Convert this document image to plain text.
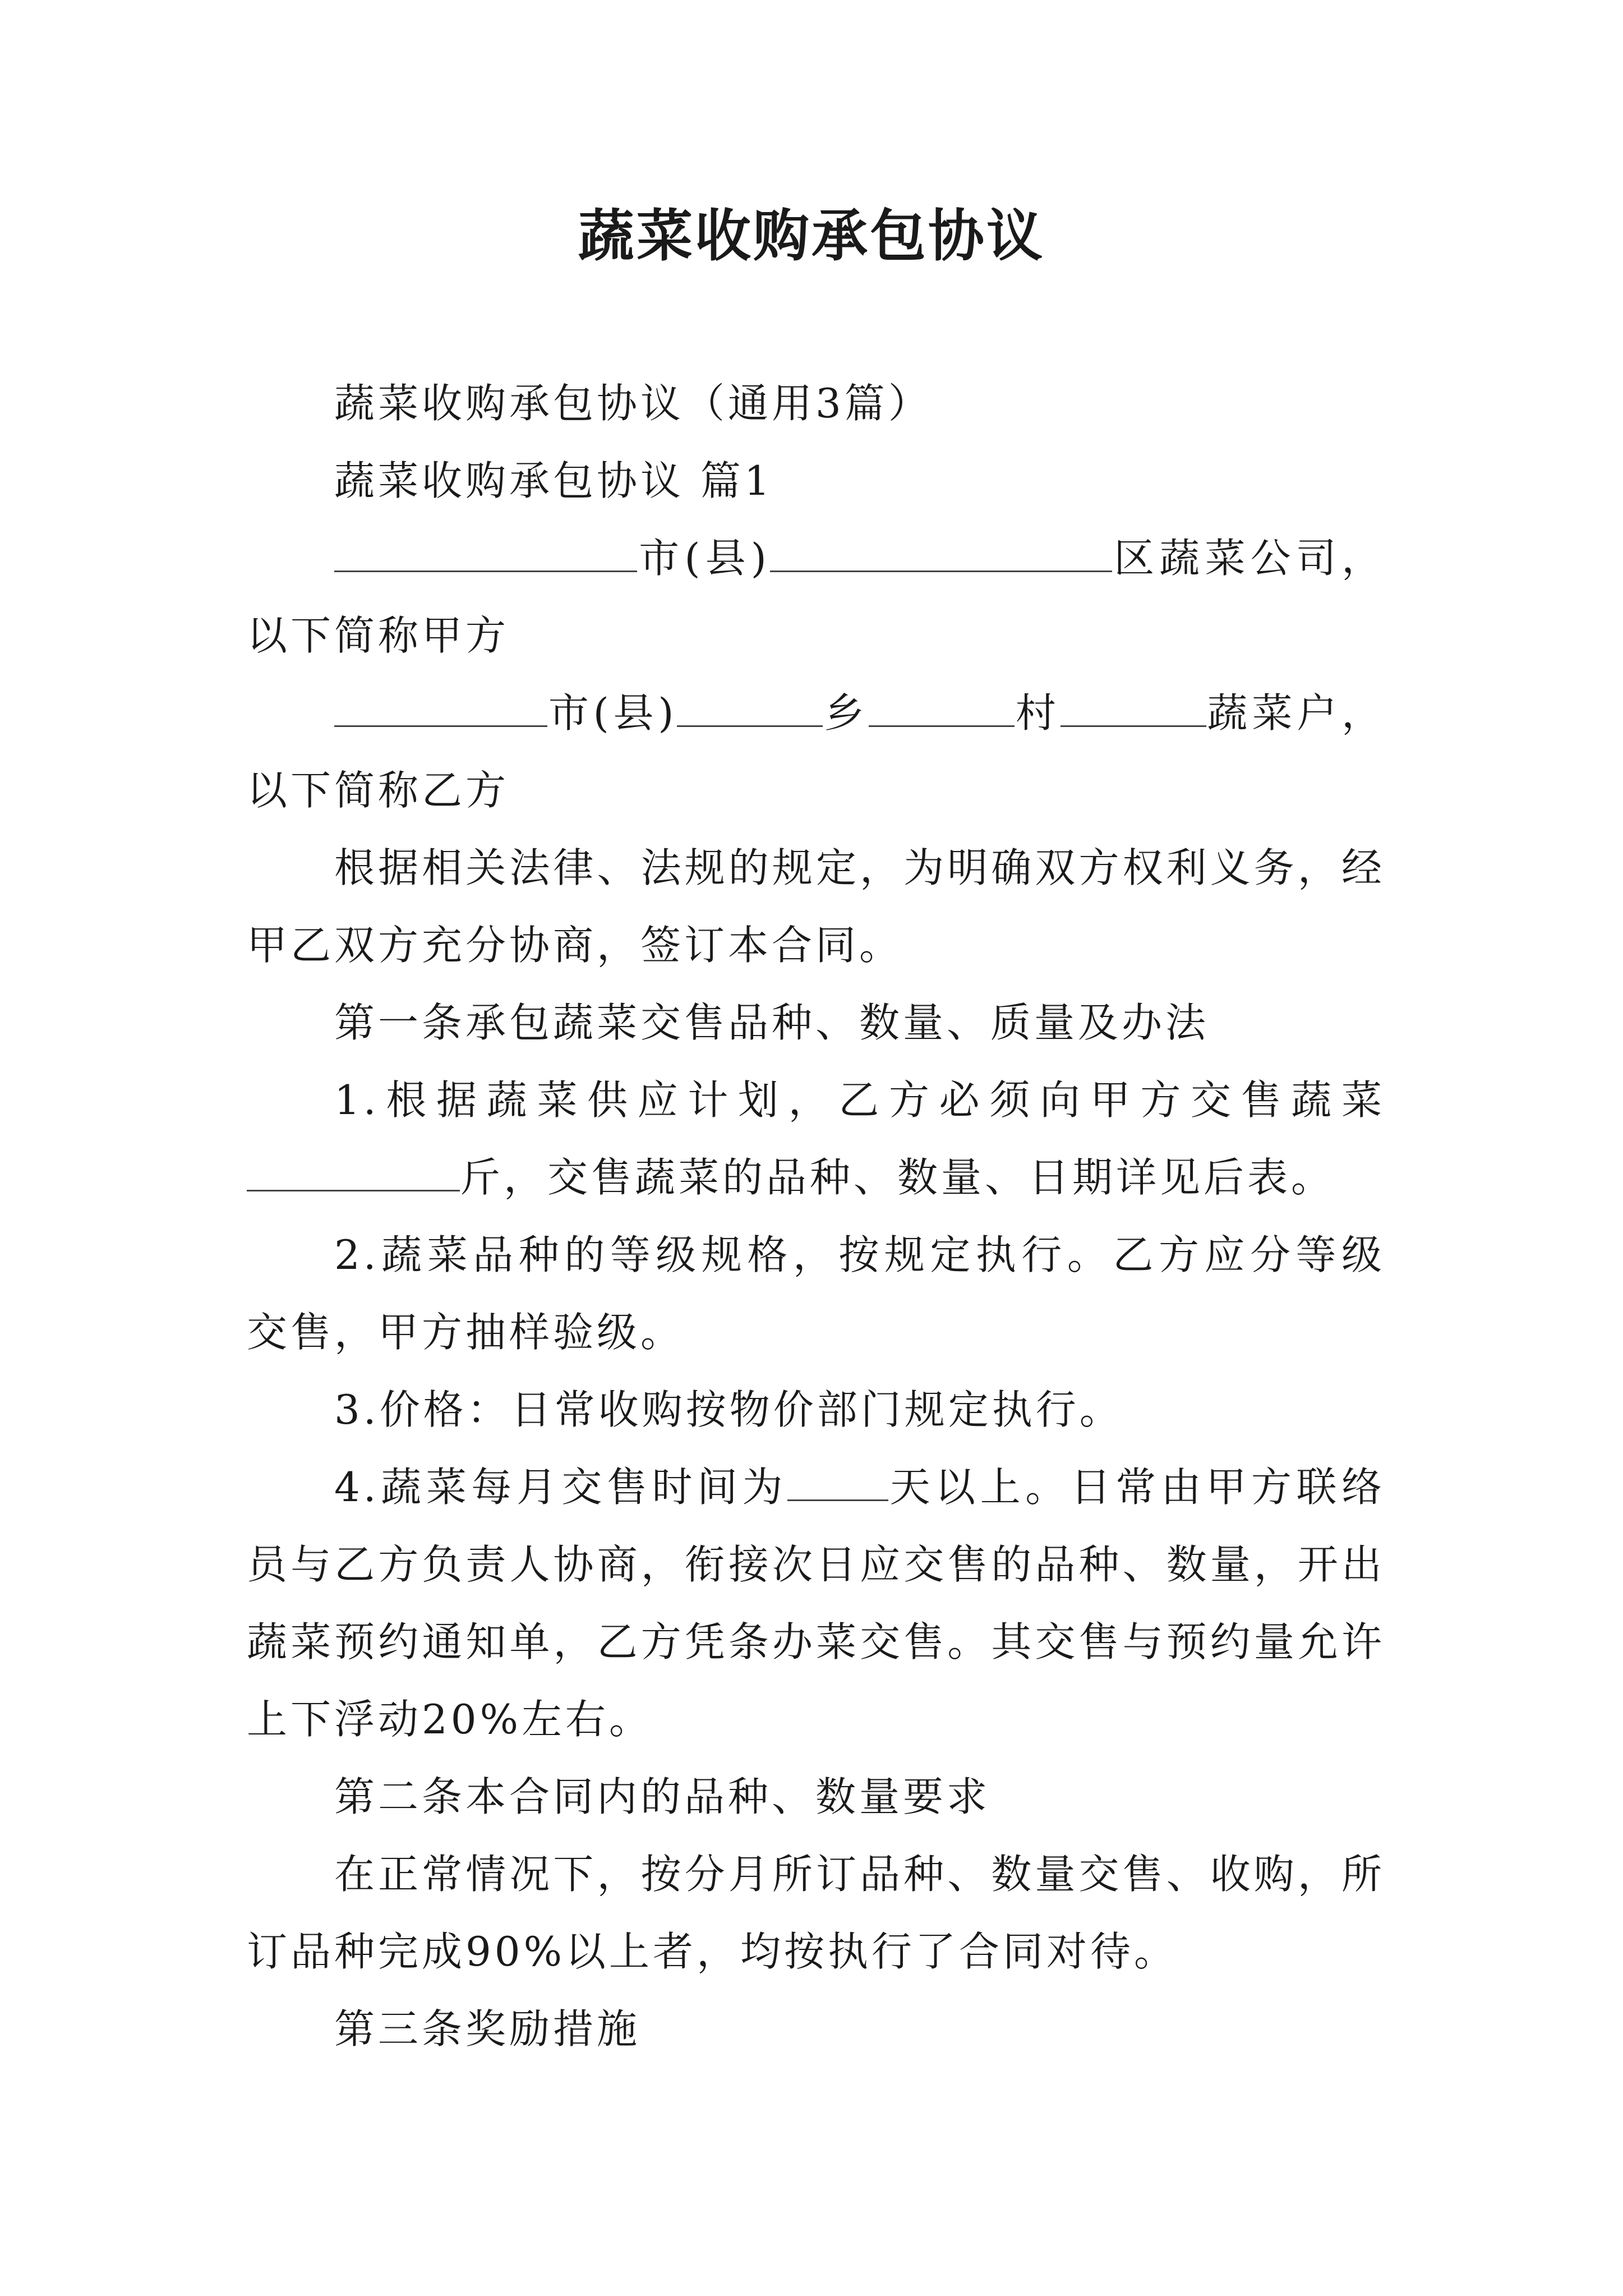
蔬菜收购承包协议

蔬菜收购承包协议（通用3篇）

蔬菜收购承包协议 篇1

市(县)	区蔬菜公司，以下简称甲方

市(县)	乡	村	蔬菜户，以下简称乙方

根据相关法律、法规的规定，为明确双方权利义务，经甲乙双方充分协商，签订本合同。

第一条承包蔬菜交售品种、数量、质量及办法

1.根据蔬菜供应计划，乙方必须向甲方交售蔬菜斤，交售蔬菜的品种、数量、日期详见后表。

2.蔬菜品种的等级规格，按规定执行。乙方应分等级交售，甲方抽样验级。

3.价格：日常收购按物价部门规定执行。

4.蔬菜每月交售时间为	天以上。日常由甲方联络员与乙方负责人协商，衔接次日应交售的品种、数量，开出蔬菜预约通知单，乙方凭条办菜交售。其交售与预约量允许上下浮动20%左右。

第二条本合同内的品种、数量要求

在正常情况下，按分月所订品种、数量交售、收购，所订品种完成90%以上者，均按执行了合同对待。

第三条奖励措施
